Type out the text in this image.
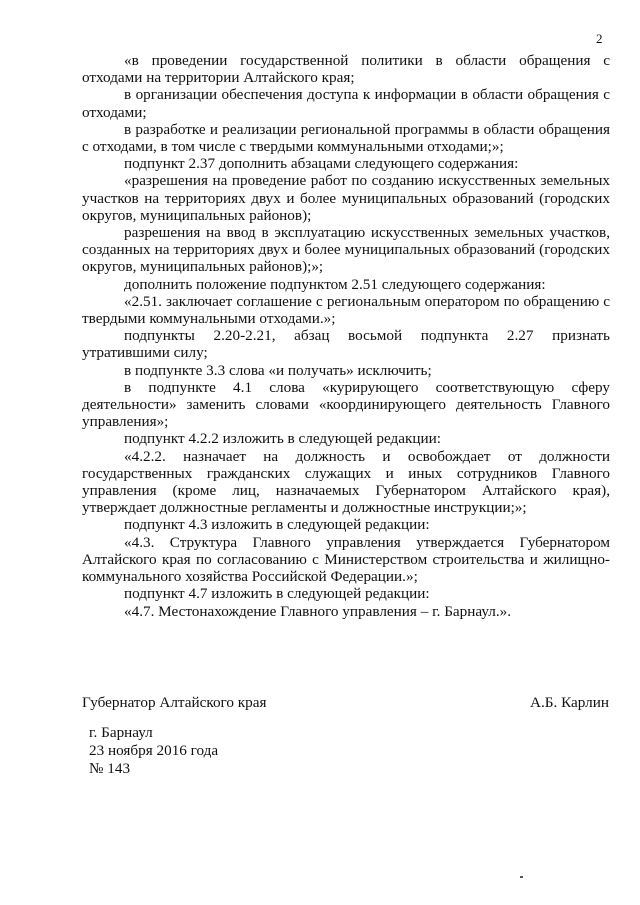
2

«в проведении государственной политики в области обращения с отходами на территории Алтайского края;

в организации обеспечения доступа к информации в области обращения с отходами;

в разработке и реализации региональной программы в области обращения с отходами, в том числе с твердыми коммунальными отходами;»;

подпункт 2.37 дополнить абзацами следующего содержания:

«разрешения на проведение работ по созданию искусственных земельных участков на территориях двух и более муниципальных образований (городских округов, муниципальных районов);

разрешения на ввод в эксплуатацию искусственных земельных участков, созданных на территориях двух и более муниципальных образований (городских округов, муниципальных районов);»;

дополнить положение подпунктом 2.51 следующего содержания:

«2.51. заключает соглашение с региональным оператором по обращению с твердыми коммунальными отходами.»;

подпункты 2.20-2.21, абзац восьмой подпункта 2.27 признать утратившими силу;

в подпункте 3.3 слова «и получать» исключить;

в подпункте 4.1 слова «курирующего соответствующую сферу деятельности» заменить словами «координирующего деятельность Главного управления»;

подпункт 4.2.2 изложить в следующей редакции:

«4.2.2. назначает на должность и освобождает от должности государственных гражданских служащих и иных сотрудников Главного управления (кроме лиц, назначаемых Губернатором Алтайского края), утверждает должностные регламенты и должностные инструкции;»;

подпункт 4.3 изложить в следующей редакции:

«4.3. Структура Главного управления утверждается Губернатором Алтайского края по согласованию с Министерством строительства и жилищно-коммунального хозяйства Российской Федерации.»;

подпункт 4.7 изложить в следующей редакции:

«4.7. Местонахождение Главного управления – г. Барнаул.».

Губернатор Алтайского края	А.Б. Карлин
г. Барнаул
23 ноября 2016 года
№ 143
